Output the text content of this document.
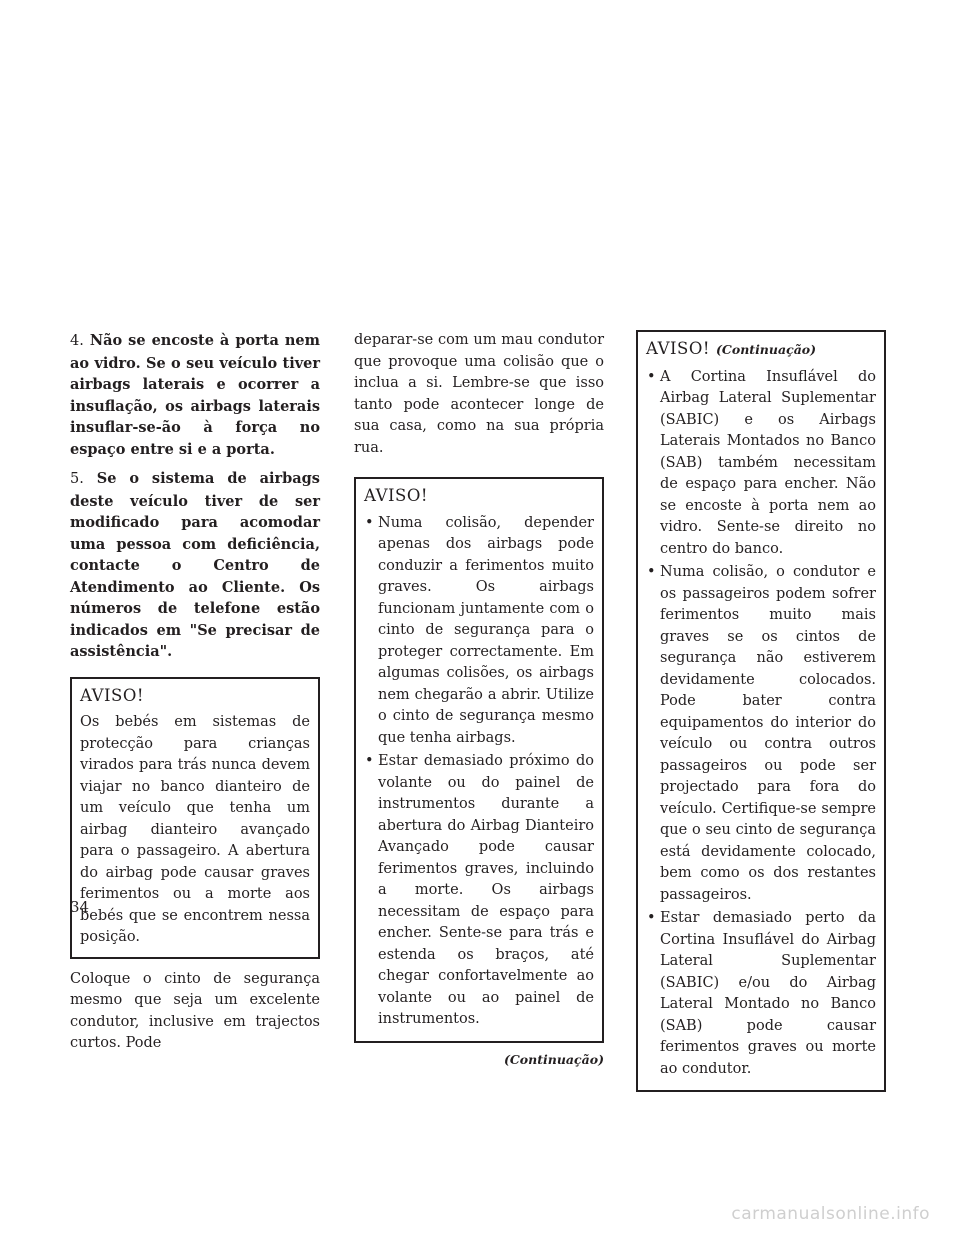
4. Não se encoste à porta nem ao vidro. Se o seu veículo tiver airbags laterais e ocorrer a insuflação, os airbags laterais insuflar-se-ão à força no espaço entre si e a porta.

5. Se o sistema de airbags deste veículo tiver de ser modificado para acomodar uma pessoa com deficiência, contacte o Centro de Atendimento ao Cliente. Os números de telefone estão indicados em "Se precisar de assistência".

AVISO!

Os bebés em sistemas de protecção para crianças virados para trás nunca devem viajar no banco dianteiro de um veículo que tenha um airbag dianteiro avançado para o passageiro. A abertura do airbag pode causar graves ferimentos ou a morte aos bebés que se encontrem nessa posição.

Coloque o cinto de segurança mesmo que seja um excelente condutor, inclusive em trajectos curtos. Pode

deparar-se com um mau condutor que provoque uma colisão que o inclua a si. Lembre-se que isso tanto pode acontecer longe de sua casa, como na sua própria rua.

AVISO!
• Numa colisão, depender apenas dos airbags pode conduzir a ferimentos muito graves. Os airbags funcionam juntamente com o cinto de segurança para o proteger correctamente. Em algumas colisões, os airbags nem chegarão a abrir. Utilize o cinto de segurança mesmo que tenha airbags.
• Estar demasiado próximo do volante ou do painel de instrumentos durante a abertura do Airbag Dianteiro Avançado pode causar ferimentos graves, incluindo a morte. Os airbags necessitam de espaço para encher. Sente-se para trás e estenda os braços, até chegar confortavelmente ao volante ou ao painel de instrumentos.
(Continuação)
AVISO! (Continuação)
• A Cortina Insuflável do Airbag Lateral Suplementar (SABIC) e os Airbags Laterais Montados no Banco (SAB) também necessitam de espaço para encher. Não se encoste à porta nem ao vidro. Sente-se direito no centro do banco.
• Numa colisão, o condutor e os passageiros podem sofrer ferimentos muito mais graves se os cintos de segurança não estiverem devidamente colocados. Pode bater contra equipamentos do interior do veículo ou contra outros passageiros ou pode ser projectado para fora do veículo. Certifique-se sempre que o seu cinto de segurança está devidamente colocado, bem como os dos restantes passageiros.
• Estar demasiado perto da Cortina Insuflável do Airbag Lateral Suplementar (SABIC) e/ou do Airbag Lateral Montado no Banco (SAB) pode causar ferimentos graves ou morte ao condutor.
34
carmanualsonline.info
